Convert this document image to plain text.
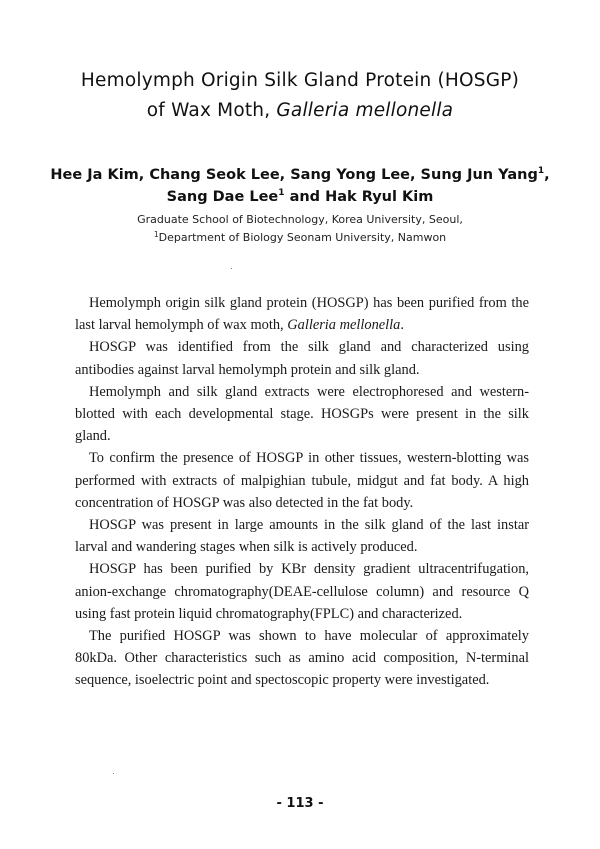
Hemolymph Origin Silk Gland Protein (HOSGP)
of Wax Moth, Galleria mellonella
Hee Ja Kim, Chang Seok Lee, Sang Yong Lee, Sung Jun Yang$^1$,
Sang Dae Lee$^1$ and Hak Ryul Kim
Graduate School of Biotechnology, Korea University, Seoul,
$^1$Department of Biology Seonam University, Namwon

Hemolymph origin silk gland protein (HOSGP) has been purified from the last larval hemolymph of wax moth, Galleria mellonella.

HOSGP was identified from the silk gland and characterized using antibodies against larval hemolymph protein and silk gland.

Hemolymph and silk gland extracts were electrophoresed and western-blotted with each developmental stage. HOSGPs were present in the silk gland.

To confirm the presence of HOSGP in other tissues, western-blotting was performed with extracts of malpighian tubule, midgut and fat body. A high concentration of HOSGP was also detected in the fat body.

HOSGP was present in large amounts in the silk gland of the last instar larval and wandering stages when silk is actively produced.

HOSGP has been purified by KBr density gradient ultracentrifugation, anion-exchange chromatography(DEAE-cellulose column) and resource Q using fast protein liquid chromatography(FPLC) and characterized.

The purified HOSGP was shown to have molecular of approximately 80kDa. Other characteristics such as amino acid composition, N-terminal sequence, isoelectric point and spectoscopic property were investigated.

- 113 -
